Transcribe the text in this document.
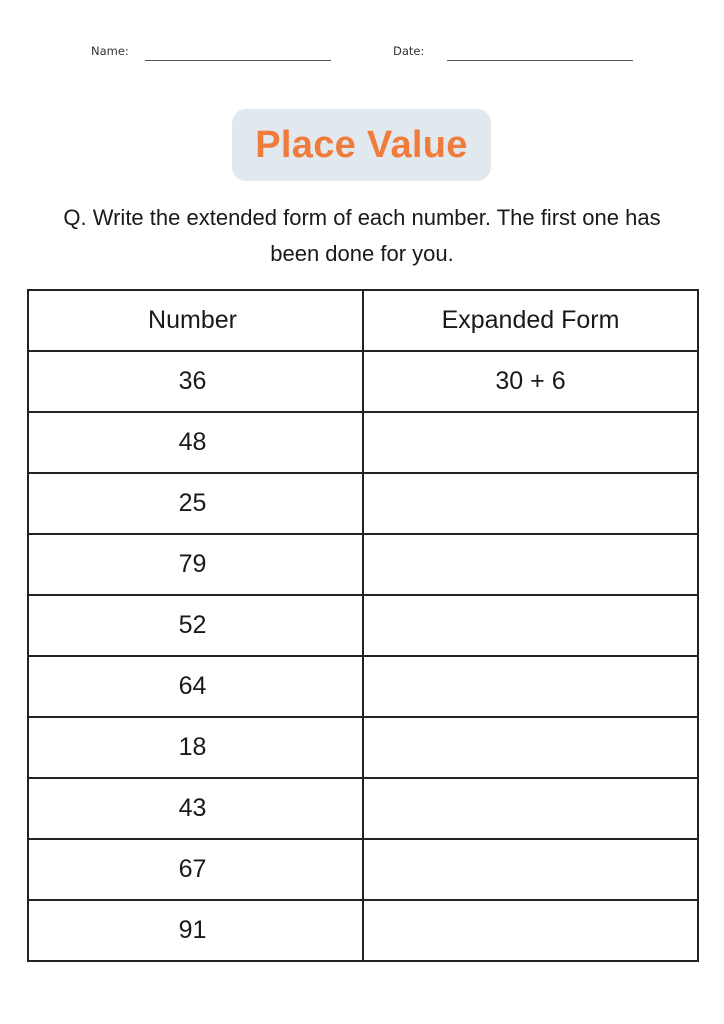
Name:	Date:
Place Value
Q. Write the extended form of each number. The first one has been done for you.
Number	Expanded Form
36	30 + 6
48	
25	
79	
52	
64	
18	
43	
67	
91	
